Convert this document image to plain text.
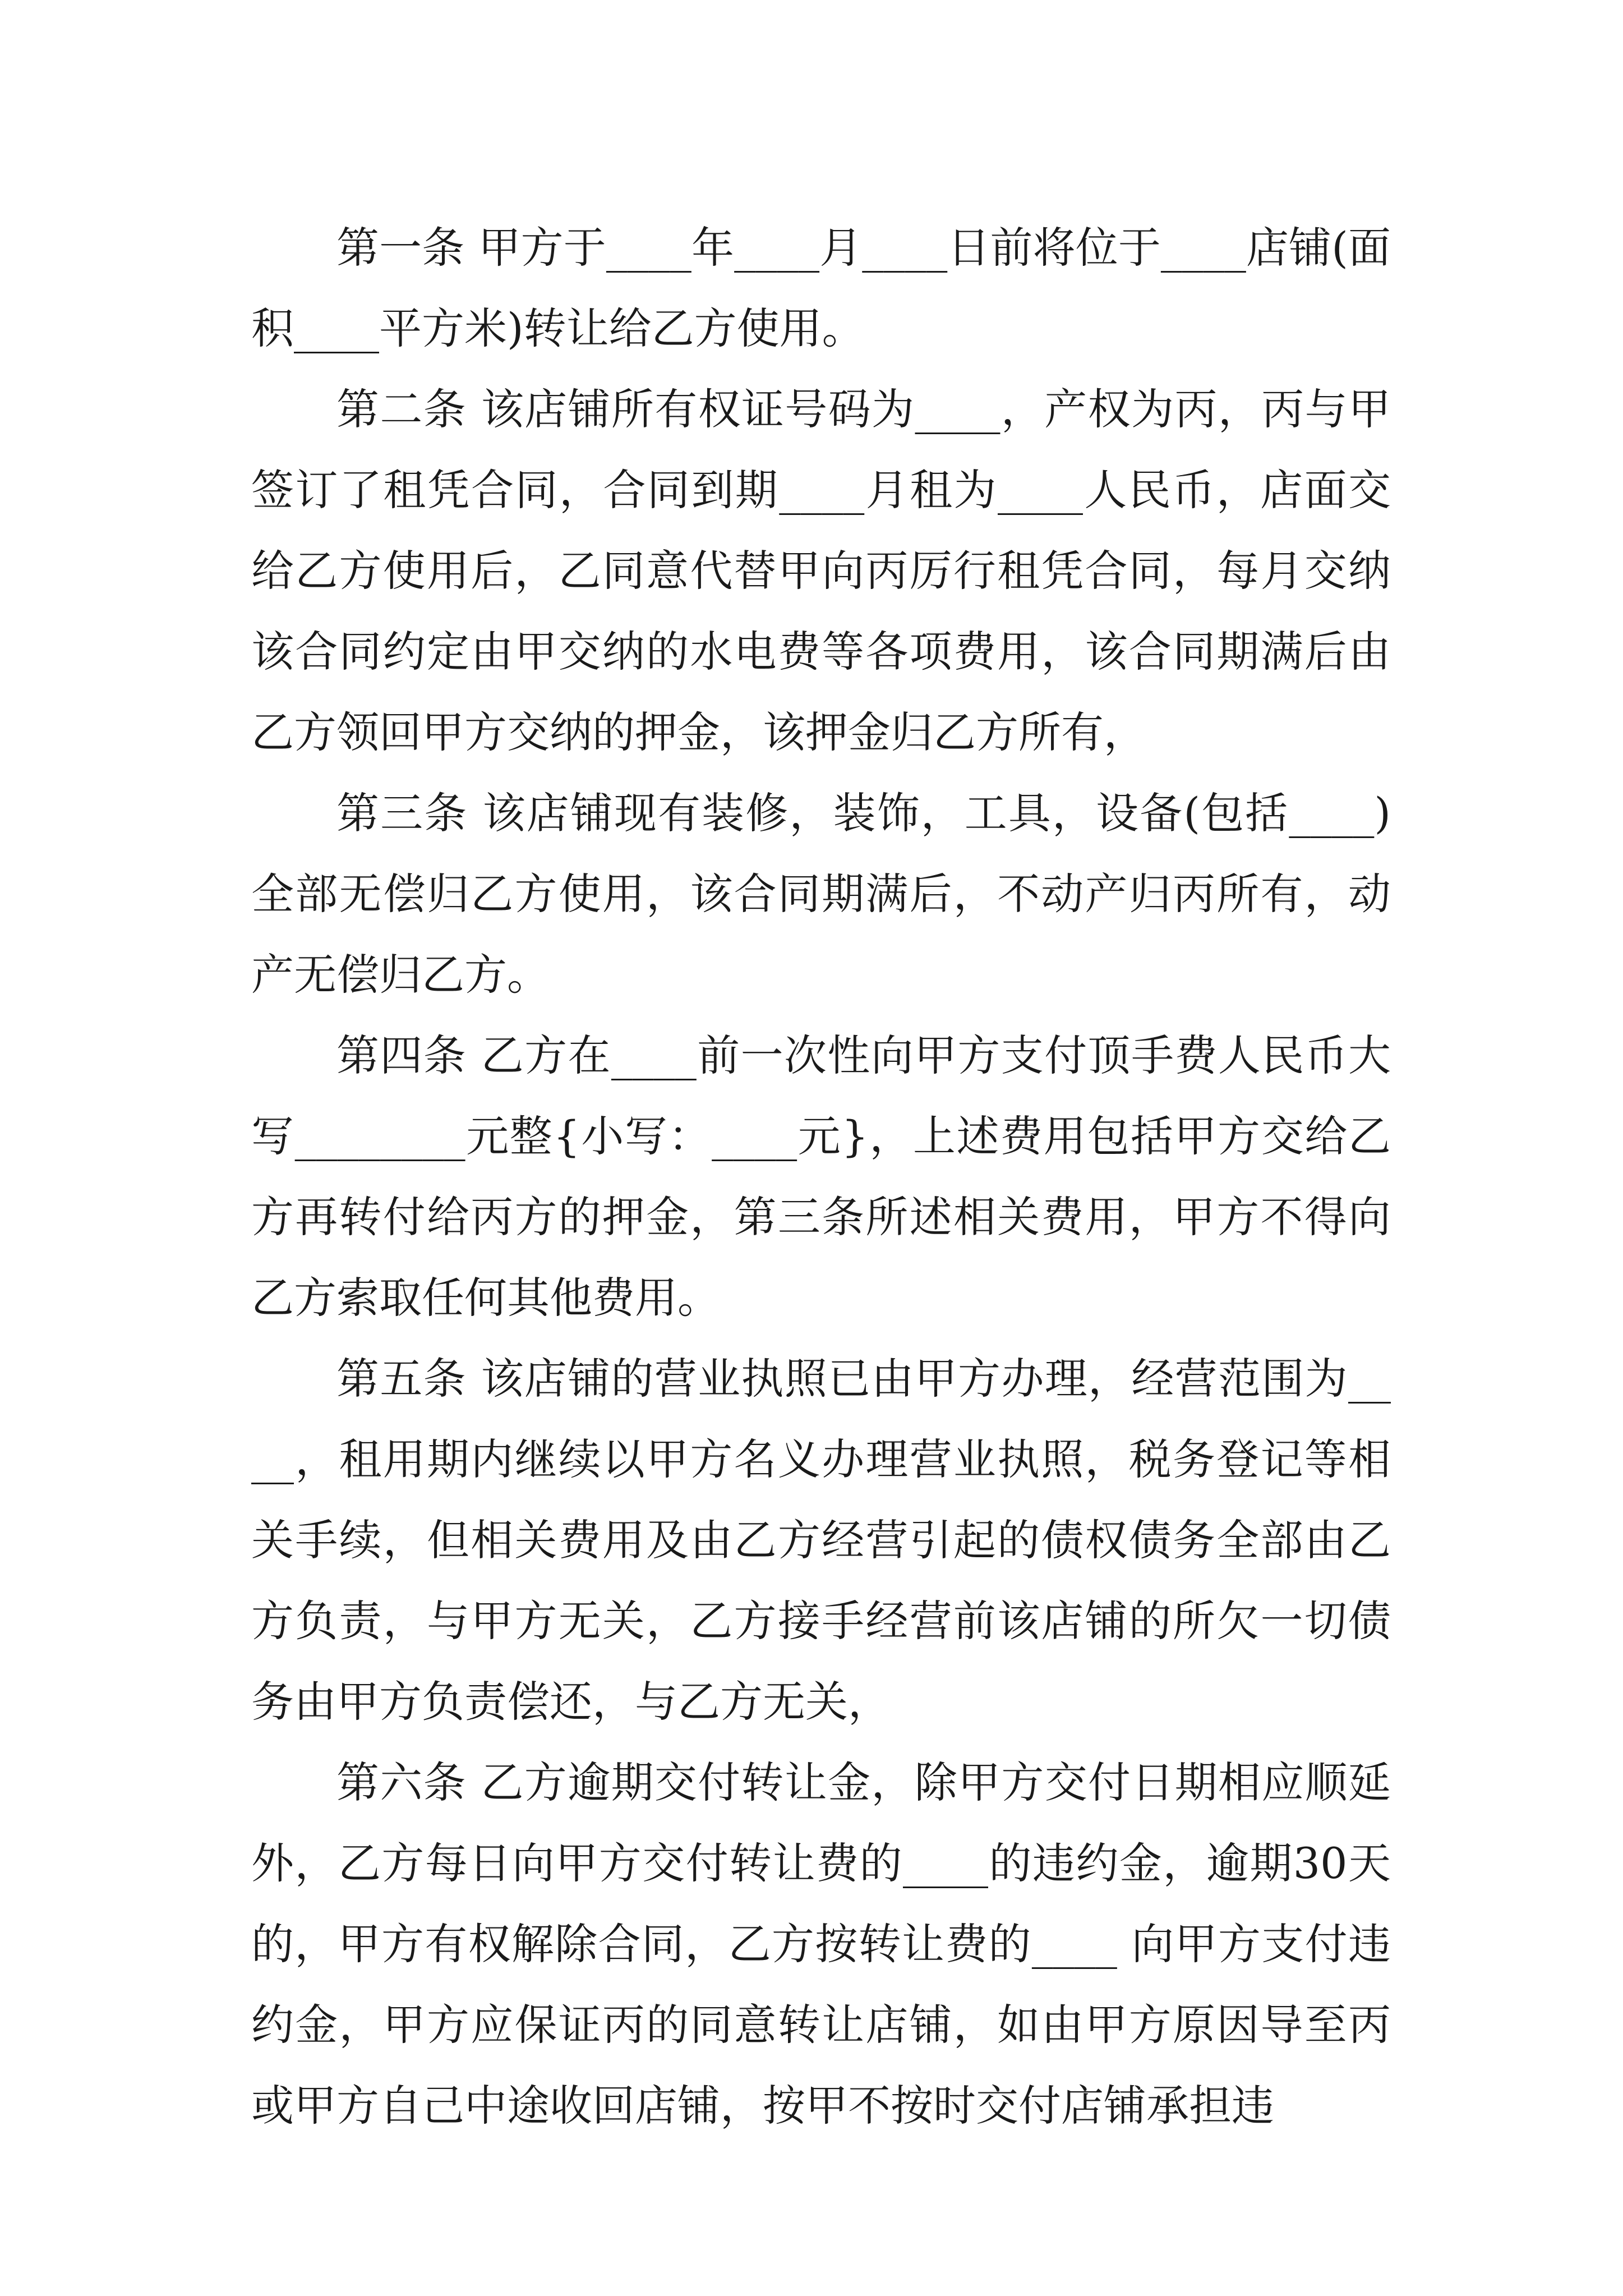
第一条 甲方于____年____月____日前将位于____店铺(面积____平方米)转让给乙方使用。

第二条 该店铺所有权证号码为____，产权为丙，丙与甲签订了租凭合同，合同到期____月租为____人民币，店面交给乙方使用后，乙同意代替甲向丙厉行租凭合同，每月交纳该合同约定由甲交纳的水电费等各项费用，该合同期满后由乙方领回甲方交纳的押金，该押金归乙方所有，

第三条 该店铺现有装修，装饰，工具，设备(包括____)全部无偿归乙方使用，该合同期满后，不动产归丙所有，动产无偿归乙方。

第四条 乙方在____前一次性向甲方支付顶手费人民币大写________元整{小写：____元}，上述费用包括甲方交给乙方再转付给丙方的押金，第三条所述相关费用，甲方不得向乙方索取任何其他费用。

第五条 该店铺的营业执照已由甲方办理，经营范围为____，租用期内继续以甲方名义办理营业执照，税务登记等相关手续，但相关费用及由乙方经营引起的债权债务全部由乙方负责，与甲方无关，乙方接手经营前该店铺的所欠一切债务由甲方负责偿还，与乙方无关，

第六条 乙方逾期交付转让金，除甲方交付日期相应顺延外，乙方每日向甲方交付转让费的____的违约金，逾期30天的，甲方有权解除合同，乙方按转让费的____ 向甲方支付违约金，甲方应保证丙的同意转让店铺，如由甲方原因导至丙或甲方自己中途收回店铺，按甲不按时交付店铺承担违
